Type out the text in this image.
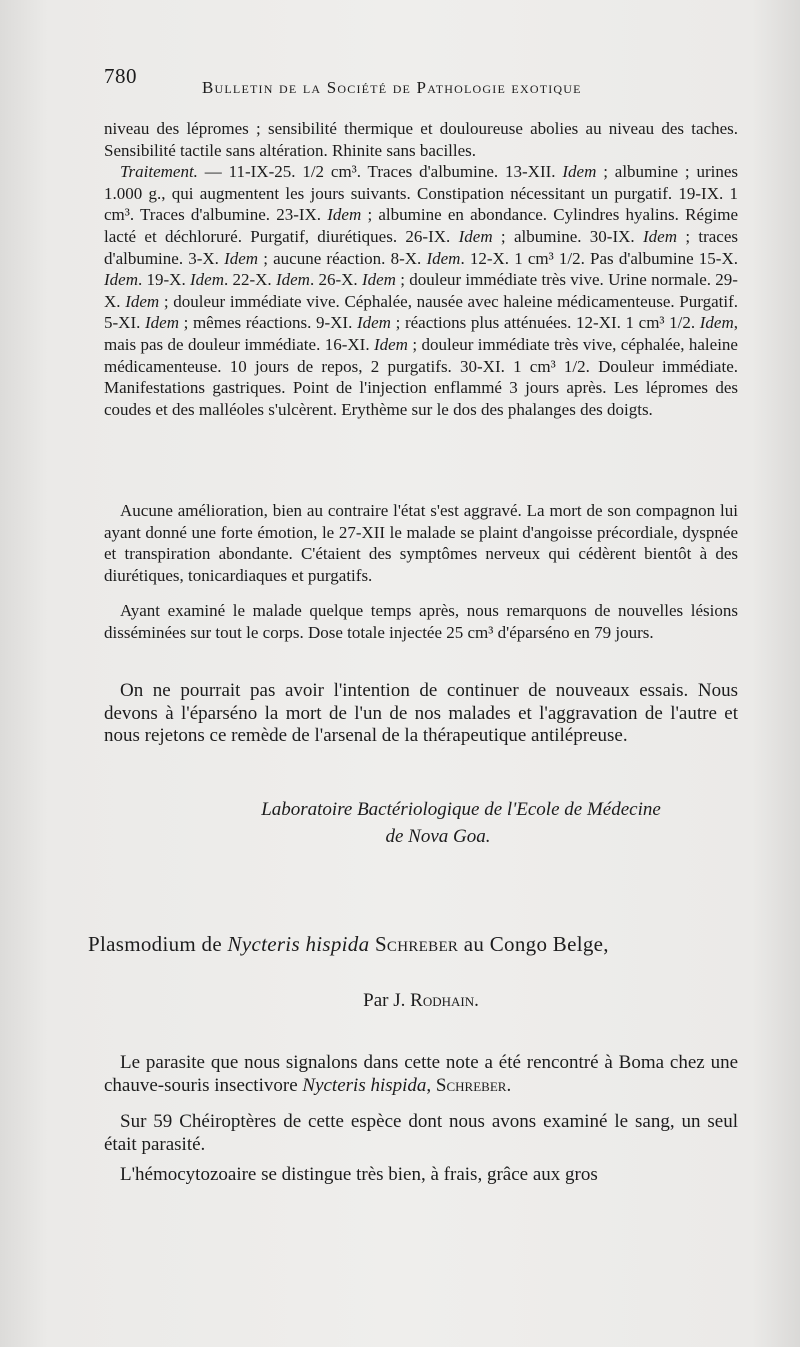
780	Bulletin de la Société de Pathologie exotique

niveau des lépromes ; sensibilité thermique et douloureuse abolies au niveau des taches. Sensibilité tactile sans altération. Rhinite sans bacilles.

Traitement. — 11-IX-25. 1/2 cm³. Traces d'albumine. 13-XII. Idem ; albumine ; urines 1.000 g., qui augmentent les jours suivants. Constipation nécessitant un purgatif. 19-IX. 1 cm³. Traces d'albumine. 23-IX. Idem ; albumine en abondance. Cylindres hyalins. Régime lacté et déchloruré. Purgatif, diurétiques. 26-IX. Idem ; albumine. 30-IX. Idem ; traces d'albumine. 3-X. Idem ; aucune réaction. 8-X. Idem. 12-X. 1 cm³ 1/2. Pas d'albumine 15-X. Idem. 19-X. Idem. 22-X. Idem. 26-X. Idem ; douleur immédiate très vive. Urine normale. 29-X. Idem ; douleur immédiate vive. Céphalée, nausée avec haleine médicamenteuse. Purgatif. 5-XI. Idem ; mêmes réactions. 9-XI. Idem ; réactions plus atténuées. 12-XI. 1 cm³ 1/2. Idem, mais pas de douleur immédiate. 16-XI. Idem ; douleur immédiate très vive, céphalée, haleine médicamenteuse. 10 jours de repos, 2 purgatifs. 30-XI. 1 cm³ 1/2. Douleur immédiate. Manifestations gastriques. Point de l'injection enflammé 3 jours après. Les lépromes des coudes et des malléoles s'ulcèrent. Erythème sur le dos des phalanges des doigts.

Aucune amélioration, bien au contraire l'état s'est aggravé. La mort de son compagnon lui ayant donné une forte émotion, le 27-XII le malade se plaint d'angoisse précordiale, dyspnée et transpiration abondante. C'étaient des symptômes nerveux qui cédèrent bientôt à des diurétiques, tonicardiaques et purgatifs.

Ayant examiné le malade quelque temps après, nous remarquons de nouvelles lésions disséminées sur tout le corps. Dose totale injectée 25 cm³ d'éparséno en 79 jours.

On ne pourrait pas avoir l'intention de continuer de nouveaux essais. Nous devons à l'éparséno la mort de l'un de nos malades et l'aggravation de l'autre et nous rejetons ce remède de l'arsenal de la thérapeutique antilépreuse.

Laboratoire Bactériologique de l'Ecole de Médecine
de Nova Goa.
Plasmodium de Nycteris hispida Schreber au Congo Belge,
Par J. Rodhain.

Le parasite que nous signalons dans cette note a été rencontré à Boma chez une chauve-souris insectivore Nycteris hispida, Schreber.

Sur 59 Chéiroptères de cette espèce dont nous avons examiné le sang, un seul était parasité.

L'hémocytozoaire se distingue très bien, à frais, grâce aux gros
